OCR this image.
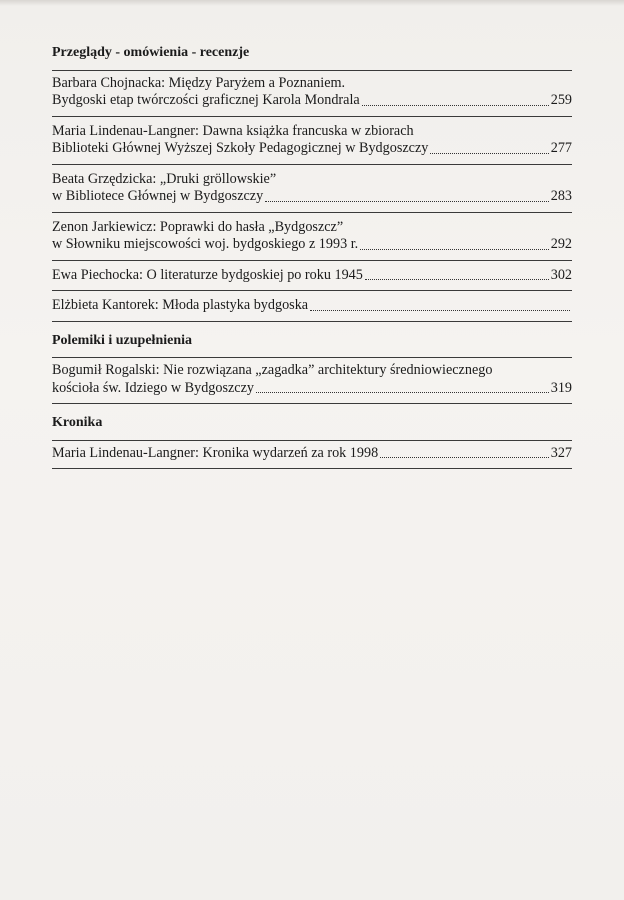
Przeglądy - omówienia - recenzje
Barbara Chojnacka: Między Paryżem a Poznaniem.
Bydgoski etap twórczości graficznej Karola Mondrala	259
Maria Lindenau-Langner: Dawna książka francuska w zbiorach
Biblioteki Głównej Wyższej Szkoły Pedagogicznej w Bydgoszczy	277
Beata Grzędzicka: „Druki gröllowskie”
w Bibliotece Głównej w Bydgoszczy	283
Zenon Jarkiewicz: Poprawki do hasła „Bydgoszcz”
w Słowniku miejscowości woj. bydgoskiego z 1993 r.	292
Ewa Piechocka: O literaturze bydgoskiej po roku 1945	302
Elżbieta Kantorek: Młoda plastyka bydgoska
Polemiki i uzupełnienia
Bogumił Rogalski: Nie rozwiązana „zagadka” architektury średniowiecznego
kościoła św. Idziego w Bydgoszczy	319
Kronika
Maria Lindenau-Langner: Kronika wydarzeń za rok 1998	327
